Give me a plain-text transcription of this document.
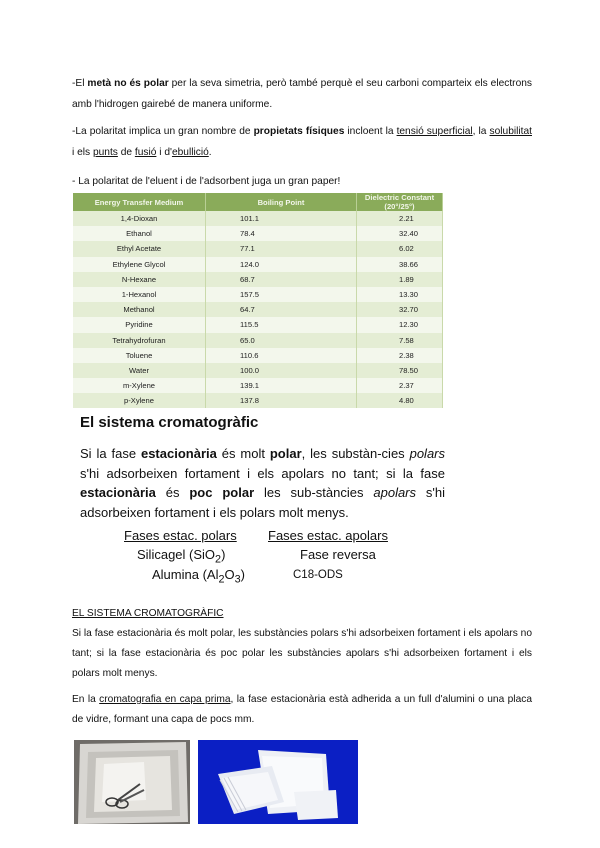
-El metà no és polar per la seva simetria, però també perquè el seu carboni comparteix els electrons amb l'hidrogen gairebé de manera uniforme.

-La polaritat implica un gran nombre de propietats físiques incloent la tensió superficial, la solubilitat i els punts de fusió i d'ebullició.

- La polaritat de l'eluent i de l'adsorbent juga un gran paper!

Energy Transfer Medium	Boiling Point	Dielectric Constant (20°/25°)
1,4-Dioxan	101.1	2.21
Ethanol	78.4	32.40
Ethyl Acetate	77.1	6.02
Ethylene Glycol	124.0	38.66
N-Hexane	68.7	1.89
1-Hexanol	157.5	13.30
Methanol	64.7	32.70
Pyridine	115.5	12.30
Tetrahydrofuran	65.0	7.58
Toluene	110.6	2.38
Water	100.0	78.50
m-Xylene	139.1	2.37
p-Xylene	137.8	4.80
El sistema cromatogràfic
Si la fase estacionària és molt polar, les substàn-cies polars s'hi adsorbeixen fortament i els apolars no tant; si la fase estacionària és poc polar les sub-stàncies apolars s'hi adsorbeixen fortament i els polars molt menys.
Fases estac. polars Fases estac. apolars
Silicagel (SiO$_2$)	Fase reversa
Alumina $(Al_2O_3)$	C18-ODS

EL SISTEMA CROMATOGRÀFIC

Si la fase estacionària és molt polar, les substàncies polars s'hi adsorbeixen fortament i els apolars no tant; si la fase estacionària és poc polar les substàncies apolars s'hi adsorbeixen fortament i els polars molt menys.

En la cromatografia en capa prima, la fase estacionària està adherida a un full d'alumini o una placa de vidre, formant una capa de pocs mm.
